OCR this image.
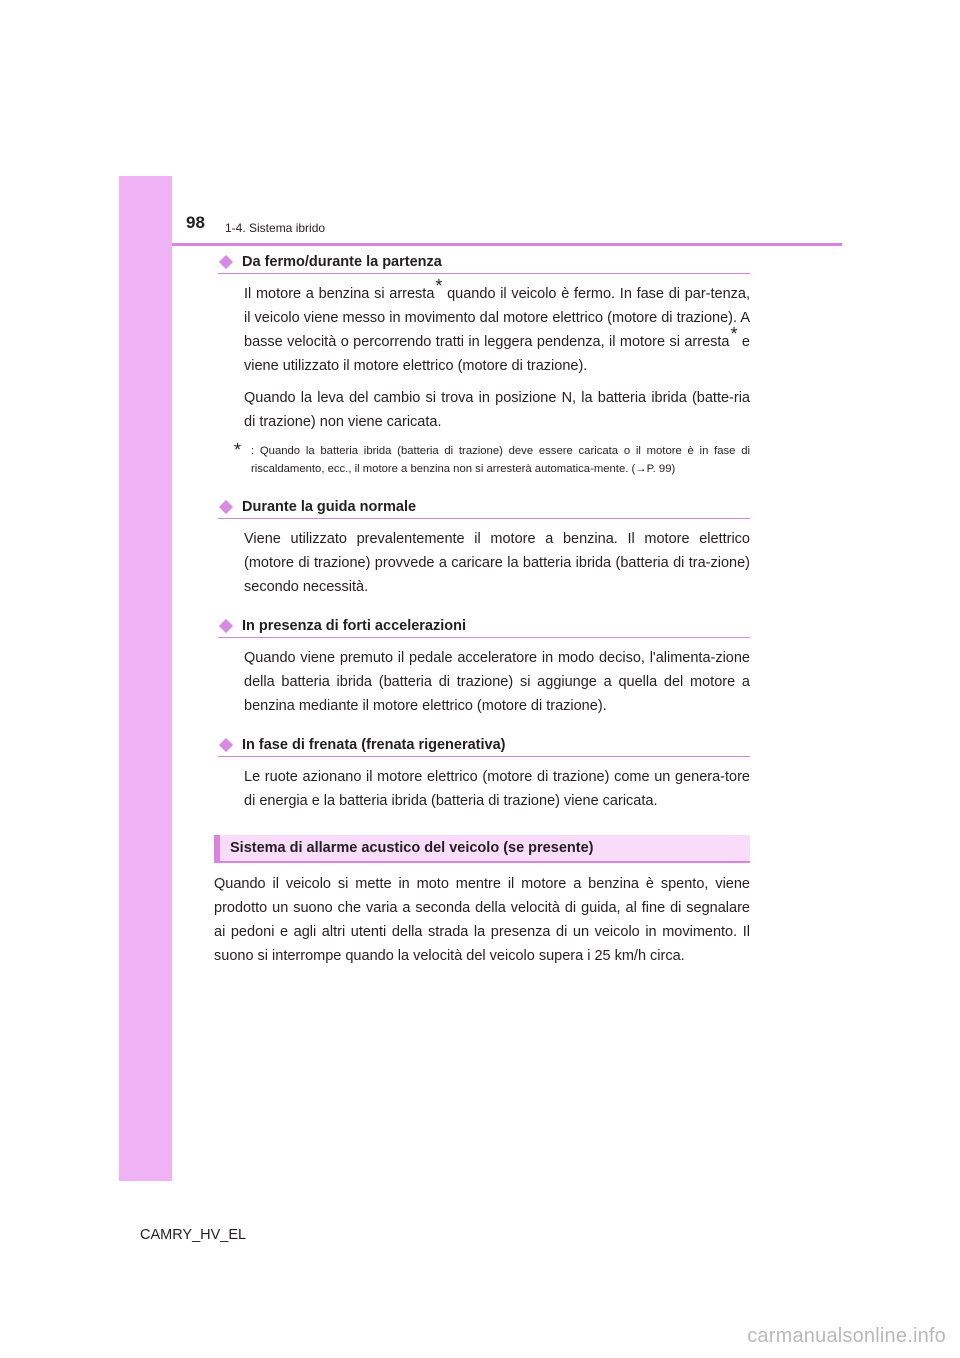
98 1-4. Sistema ibrido
Da fermo/durante la partenza

Il motore a benzina si arresta* quando il veicolo è fermo. In fase di par-tenza, il veicolo viene messo in movimento dal motore elettrico (motore di trazione). A basse velocità o percorrendo tratti in leggera pendenza, il motore si arresta* e viene utilizzato il motore elettrico (motore di trazione).

Quando la leva del cambio si trova in posizione N, la batteria ibrida (batte-ria di trazione) non viene caricata.

* : Quando la batteria ibrida (batteria di trazione) deve essere caricata o il motore è in fase di riscaldamento, ecc., il motore a benzina non si arresterà automatica-mente. (→P. 99)
Durante la guida normale

Viene utilizzato prevalentemente il motore a benzina. Il motore elettrico (motore di trazione) provvede a caricare la batteria ibrida (batteria di tra-zione) secondo necessità.

In presenza di forti accelerazioni

Quando viene premuto il pedale acceleratore in modo deciso, l'alimenta-zione della batteria ibrida (batteria di trazione) si aggiunge a quella del motore a benzina mediante il motore elettrico (motore di trazione).

In fase di frenata (frenata rigenerativa)

Le ruote azionano il motore elettrico (motore di trazione) come un genera-tore di energia e la batteria ibrida (batteria di trazione) viene caricata.

Sistema di allarme acustico del veicolo (se presente)

Quando il veicolo si mette in moto mentre il motore a benzina è spento, viene prodotto un suono che varia a seconda della velocità di guida, al fine di segnalare ai pedoni e agli altri utenti della strada la presenza di un veicolo in movimento. Il suono si interrompe quando la velocità del veicolo supera i 25 km/h circa.

CAMRY_HV_EL
carmanualsonline.info
